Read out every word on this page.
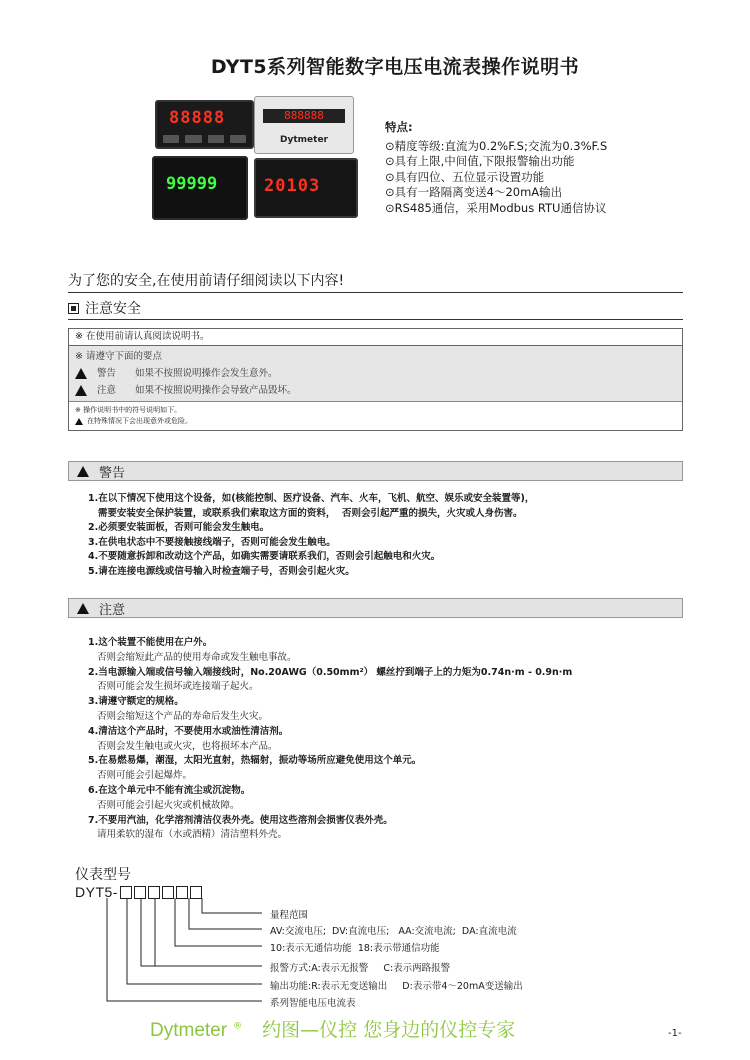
DYT5系列智能数字电压电流表操作说明书
88888	888888
Dytmeter
99999	20103
特点:
⊙精度等级:直流为0.2%F.S;交流为0.3%F.S
⊙具有上限,中间值,下限报警输出功能
⊙具有四位、五位显示设置功能
⊙具有一路隔离变送4～20mA输出
⊙RS485通信，采用Modbus RTU通信协议
为了您的安全,在使用前请仔细阅读以下内容!
注意安全
※ 在使用前请认真阅读说明书。
※ 请遵守下面的要点
警告	如果不按照说明操作会发生意外。
注意	如果不按照说明操作会导致产品毁坏。
※ 操作说明书中的符号说明如下。
在特殊情况下会出现意外或危险。
警告
1.在以下情况下使用这个设备，如(核能控制、医疗设备、汽车、火车，飞机、航空、娱乐或安全装置等)，
需要安装安全保护装置，或联系我们索取这方面的资料，  否则会引起严重的损失，火灾或人身伤害。
2.必须要安装面板，否则可能会发生触电。
3.在供电状态中不要接触接线端子，否则可能会发生触电。
4.不要随意拆卸和改动这个产品，如确实需要请联系我们，否则会引起触电和火灾。
5.请在连接电源线或信号输入时检查端子号，否则会引起火灾。
注意
1.这个装置不能使用在户外。
否则会缩短此产品的使用寿命或发生触电事故。
2.当电源输入端或信号输入端接线时，No.20AWG（0.50mm²） 螺丝拧到端子上的力矩为0.74n·m - 0.9n·m
否则可能会发生损坏或连接端子起火。
3.请遵守额定的规格。
否则会缩短这个产品的寿命后发生火灾。
4.清洁这个产品时，不要使用水或油性清洁剂。
否则会发生触电或火灾，也将损坏本产品。
5.在易燃易爆，潮湿，太阳光直射，热辐射，振动等场所应避免使用这个单元。
否则可能会引起爆炸。
6.在这个单元中不能有流尘或沉淀物。
否则可能会引起火灾或机械故障。
7.不要用汽油，化学溶剂清洁仪表外壳。使用这些溶剂会损害仪表外壳。
请用柔软的湿布（水或酒精）清洁塑料外壳。
仪表型号
DYT5-
量程范围
AV:交流电压;  DV:直流电压;   AA:交流电流;  DA:直流电流
10:表示无通信功能  18:表示带通信功能
报警方式:A:表示无报警     C:表示两路报警
输出功能:R:表示无变送输出     D:表示带4～20mA变送输出
系列智能电压电流表
Dytmeter ® 约图—仪控 您身边的仪控专家	-1-
